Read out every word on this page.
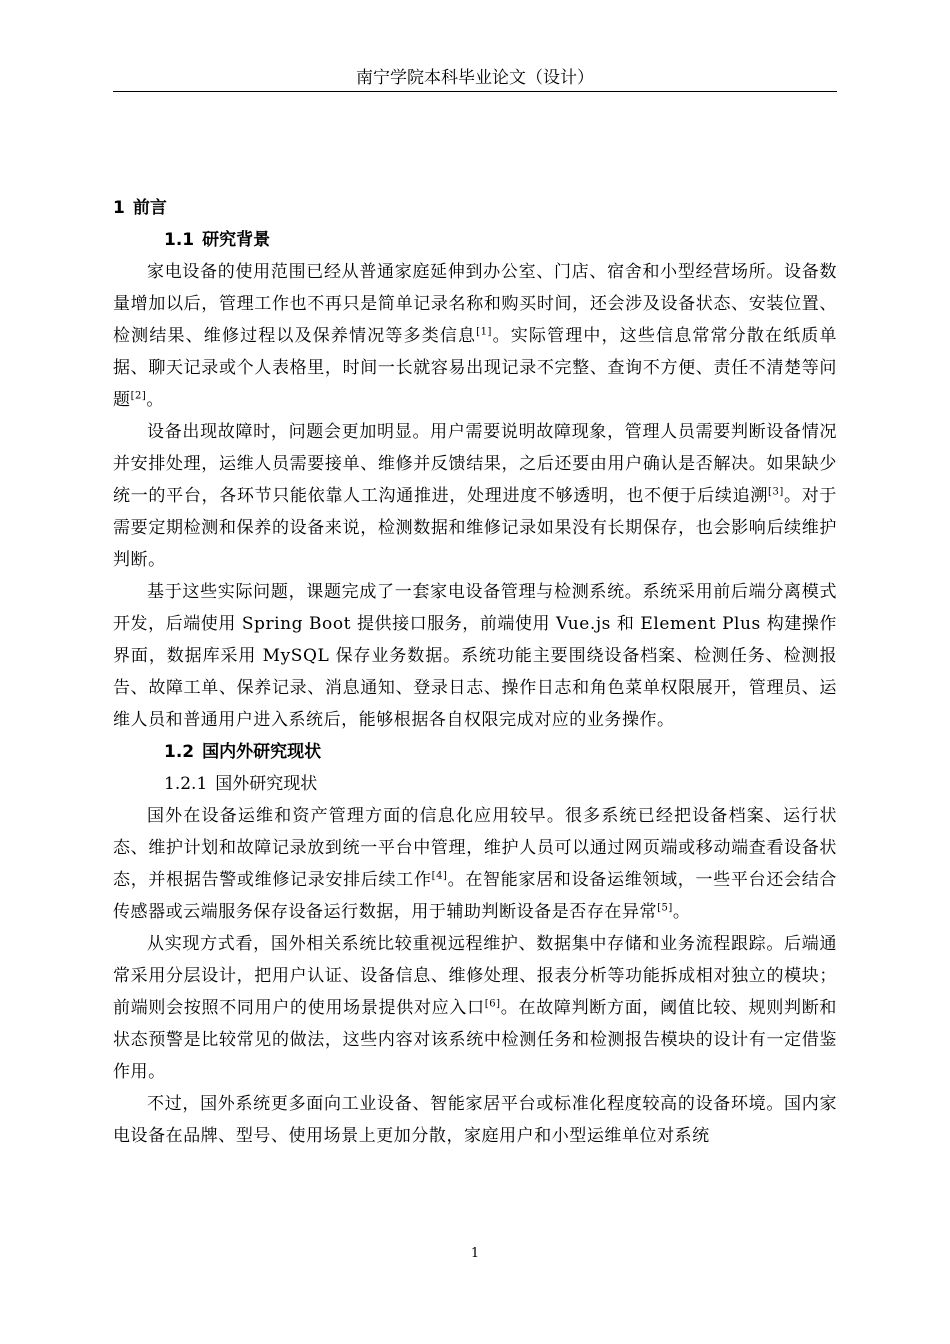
南宁学院本科毕业论文（设计）
1 前言
1.1 研究背景

家电设备的使用范围已经从普通家庭延伸到办公室、门店、宿舍和小型经营场所。设备数量增加以后，管理工作也不再只是简单记录名称和购买时间，还会涉及设备状态、安装位置、检测结果、维修过程以及保养情况等多类信息[1]。实际管理中，这些信息常常分散在纸质单据、聊天记录或个人表格里，时间一长就容易出现记录不完整、查询不方便、责任不清楚等问题[2]。

设备出现故障时，问题会更加明显。用户需要说明故障现象，管理人员需要判断设备情况并安排处理，运维人员需要接单、维修并反馈结果，之后还要由用户确认是否解决。如果缺少统一的平台，各环节只能依靠人工沟通推进，处理进度不够透明，也不便于后续追溯[3]。对于需要定期检测和保养的设备来说，检测数据和维修记录如果没有长期保存，也会影响后续维护判断。

基于这些实际问题，课题完成了一套家电设备管理与检测系统。系统采用前后端分离模式开发，后端使用 Spring Boot 提供接口服务，前端使用 Vue.js 和 Element Plus 构建操作界面，数据库采用 MySQL 保存业务数据。系统功能主要围绕设备档案、检测任务、检测报告、故障工单、保养记录、消息通知、登录日志、操作日志和角色菜单权限展开，管理员、运维人员和普通用户进入系统后，能够根据各自权限完成对应的业务操作。

1.2 国内外研究现状
1.2.1 国外研究现状

国外在设备运维和资产管理方面的信息化应用较早。很多系统已经把设备档案、运行状态、维护计划和故障记录放到统一平台中管理，维护人员可以通过网页端或移动端查看设备状态，并根据告警或维修记录安排后续工作[4]。在智能家居和设备运维领域，一些平台还会结合传感器或云端服务保存设备运行数据，用于辅助判断设备是否存在异常[5]。

从实现方式看，国外相关系统比较重视远程维护、数据集中存储和业务流程跟踪。后端通常采用分层设计，把用户认证、设备信息、维修处理、报表分析等功能拆成相对独立的模块；前端则会按照不同用户的使用场景提供对应入口[6]。在故障判断方面，阈值比较、规则判断和状态预警是比较常见的做法，这些内容对该系统中检测任务和检测报告模块的设计有一定借鉴作用。

不过，国外系统更多面向工业设备、智能家居平台或标准化程度较高的设备环境。国内家电设备在品牌、型号、使用场景上更加分散，家庭用户和小型运维单位对系统

1
